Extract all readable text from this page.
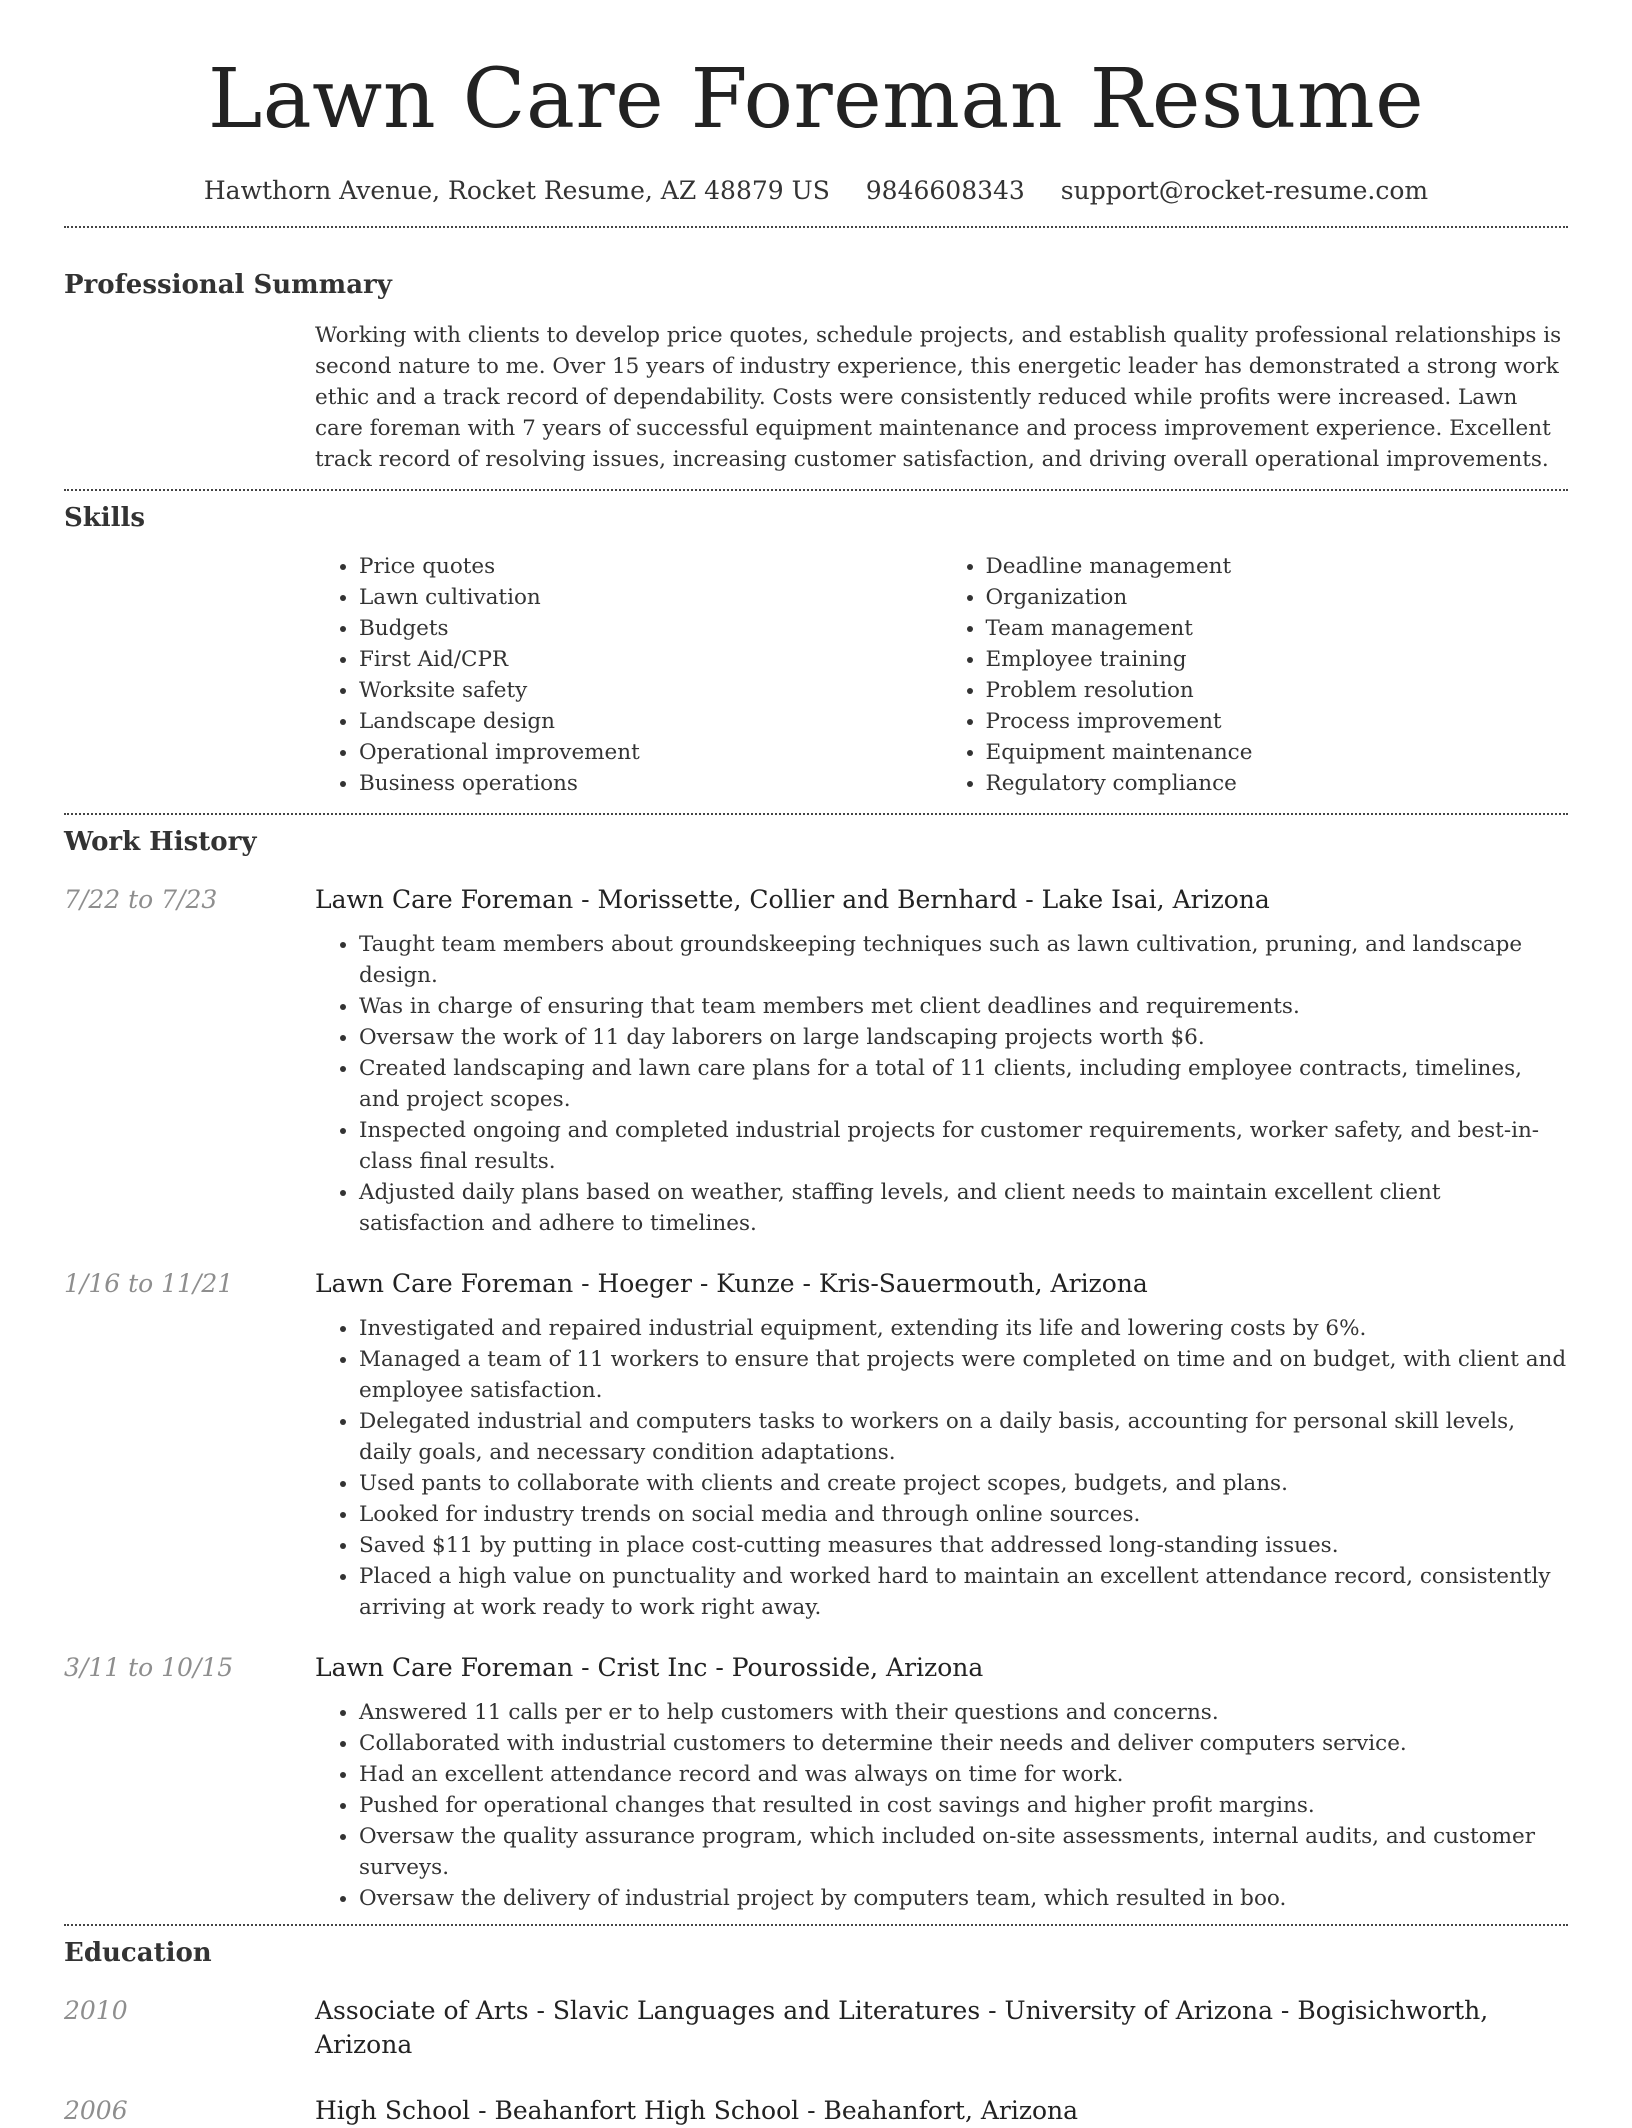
Lawn Care Foreman Resume
Hawthorn Avenue, Rocket Resume, AZ 48879 US 9846608343 support@rocket-resume.com
Professional Summary

Working with clients to develop price quotes, schedule projects, and establish quality professional relationships is second nature to me. Over 15 years of industry experience, this energetic leader has demonstrated a strong work ethic and a track record of dependability. Costs were consistently reduced while profits were increased. Lawn care foreman with 7 years of successful equipment maintenance and process improvement experience. Excellent track record of resolving issues, increasing customer satisfaction, and driving overall operational improvements.

Skills
• Price quotes
• Lawn cultivation
• Budgets
• First Aid/CPR
• Worksite safety
• Landscape design
• Operational improvement
• Business operations
• Deadline management
• Organization
• Team management
• Employee training
• Problem resolution
• Process improvement
• Equipment maintenance
• Regulatory compliance
Work History
7/22 to 7/23	Lawn Care Foreman - Morissette, Collier and Bernhard - Lake Isai, Arizona

• Taught team members about groundskeeping techniques such as lawn cultivation, pruning, and landscape design.
• Was in charge of ensuring that team members met client deadlines and requirements.
• Oversaw the work of 11 day laborers on large landscaping projects worth $6.
• Created landscaping and lawn care plans for a total of 11 clients, including employee contracts, timelines, and project scopes.
• Inspected ongoing and completed industrial projects for customer requirements, worker safety, and best-in-class final results.
• Adjusted daily plans based on weather, staffing levels, and client needs to maintain excellent client satisfaction and adhere to timelines.
1/16 to 11/21	Lawn Care Foreman - Hoeger - Kunze - Kris-Sauermouth, Arizona

• Investigated and repaired industrial equipment, extending its life and lowering costs by 6%.
• Managed a team of 11 workers to ensure that projects were completed on time and on budget, with client and employee satisfaction.
• Delegated industrial and computers tasks to workers on a daily basis, accounting for personal skill levels, daily goals, and necessary condition adaptations.
• Used pants to collaborate with clients and create project scopes, budgets, and plans.
• Looked for industry trends on social media and through online sources.
• Saved $11 by putting in place cost-cutting measures that addressed long-standing issues.
• Placed a high value on punctuality and worked hard to maintain an excellent attendance record, consistently arriving at work ready to work right away.
3/11 to 10/15	Lawn Care Foreman - Crist Inc - Pourosside, Arizona

• Answered 11 calls per er to help customers with their questions and concerns.
• Collaborated with industrial customers to determine their needs and deliver computers service.
• Had an excellent attendance record and was always on time for work.
• Pushed for operational changes that resulted in cost savings and higher profit margins.
• Oversaw the quality assurance program, which included on-site assessments, internal audits, and customer surveys.
• Oversaw the delivery of industrial project by computers team, which resulted in boo.
Education
2010	Associate of Arts - Slavic Languages and Literatures - University of Arizona - Bogisichworth, Arizona
2006	High School - Beahanfort High School - Beahanfort, Arizona
